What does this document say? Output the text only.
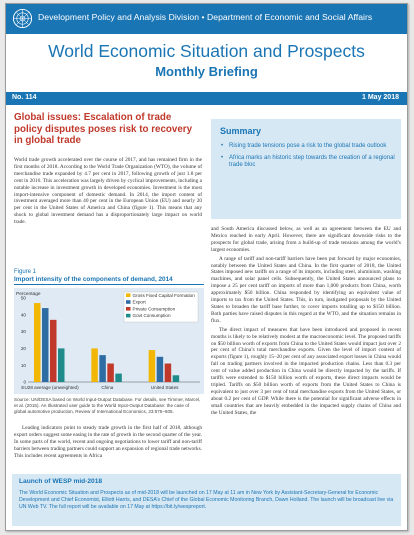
Development Policy and Analysis Division • Department of Economic and Social Affairs
World Economic Situation and Prospects
Monthly Briefing
No. 114	1 May 2018
Global issues: Escalation of trade policy disputes poses risk to recovery in global trade

World trade growth accelerated over the course of 2017, and has remained firm in the first months of 2018. According to the World Trade Organization (WTO), the volume of merchandise trade expanded by 4.7 per cent in 2017, following growth of just 1.8 per cent in 2016. This acceleration was largely driven by cyclical improvements, including a notable increase in investment growth in developed economies. Investment is the most import-intensive component of domestic demand. In 2014, the import content of investment averaged more than 40 per cent in the European Union (EU) and nearly 20 per cent in the United States of America and China (figure 1). This means that any shock to global investment demand has a disproportionately large impact on world trade.

Summary
• Rising trade tensions pose a risk to the global trade outlook
• Africa marks an historic step towards the creation of a regional trade bloc

and South America discussed below, as well as an agreement between the EU and Mexico reached in early April. However, there are significant downside risks to the prospects for global trade, arising from a build-up of trade tensions among the world’s largest economies.

A range of tariff and non-tariff barriers have been put forward by major economies, notably between the United States and China. In the first quarter of 2018, the United States imposed new tariffs on a range of its imports, including steel, aluminium, washing machines, and solar panel cells. Subsequently, the United States announced plans to impose a 25 per cent tariff on imports of more than 1,000 products from China, worth approximately $50 billion. China responded by identifying an equivalent value of imports to tax from the United States. This, in turn, instigated proposals by the United States to broaden the tariff base further, to cover imports totalling up to $150 billion. Both parties have raised disputes in this regard at the WTO, and the situation remains in flux.

The direct impact of measures that have been introduced and proposed in recent months is likely to be relatively modest at the macroeconomic level. The proposed tariffs on $50 billion worth of exports from China to the United States would impact just over 2 per cent of China’s total merchandise exports. Given the level of import content of exports (figure 1), roughly 15–20 per cent of any associated export losses in China would fall on trading partners involved in the impacted production chains. Less than 0.3 per cent of value added production in China would be directly impacted by the tariffs. If tariffs were extended to $150 billion worth of exports, these direct impacts would be tripled. Tariffs on $50 billion worth of exports from the United States to China is equivalent to just over 3 per cent of total merchandise exports from the United States, or about 0.2 per cent of GDP. While there is the potential for significant adverse effects in small countries that are heavily embedded in the impacted supply chains of China and the United States, the

Figure 1
Import intensity of the components of demand, 2014
Percentage
0
10
20
30
40
50
EU28 average (unweighted)	China	United States
Gross Fixed Capital Formation
Export
Private Consumption
Govt Consumption

Source: UN/DESA based on World Input-Output Database. For details, see Timmer, Marcel, et al. (2015). An Illustrated user guide to the World Input-Output Database: the case of global automotive production, Review of International Economics, 23:575–605.

Leading indicators point to steady trade growth in the first half of 2018, although export orders suggest some easing in the rate of growth in the second quarter of the year. In some parts of the world, recent and ongoing negotiations to lower tariff and non-tariff barriers between trading partners could support an expansion of regional trade networks. This includes recent agreements in Africa

Launch of WESP mid-2018

The World Economic Situation and Prospects as of mid-2018 will be launched on 17 May at 11 am in New York by Assistant-Secretary-General for Economic Development and Chief Economist, Elliott Harris, and DESA’s Chief of the Global Economic Monitoring Branch, Dawn Holland. The launch will be broadcast live via UN Web TV. The full report will be available on 17 May at https://bit.ly/wespreport.
